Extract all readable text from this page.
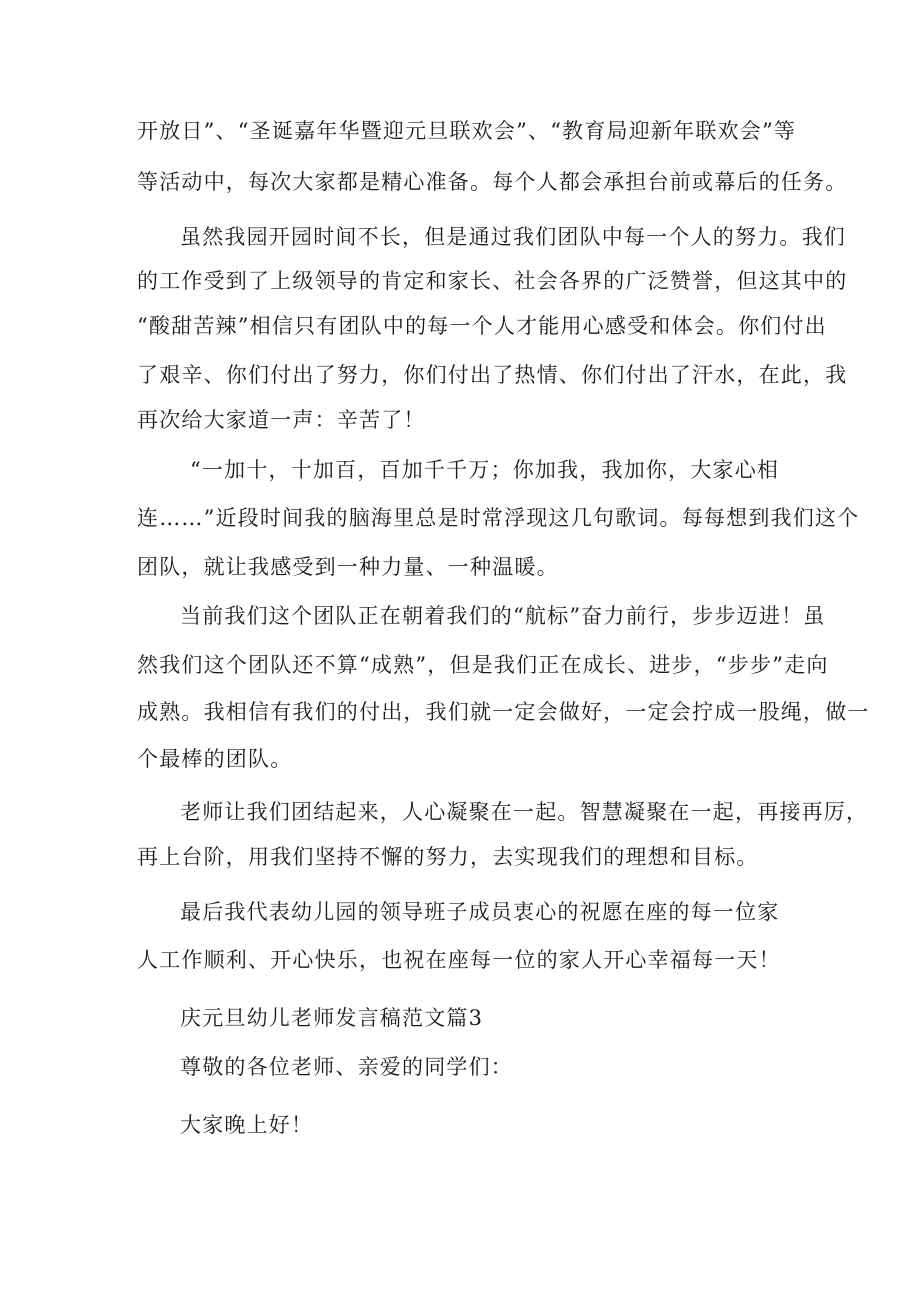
开放日”、“圣诞嘉年华暨迎元旦联欢会”、“教育局迎新年联欢会”等
等活动中，每次大家都是精心准备。每个人都会承担台前或幕后的任务。
虽然我园开园时间不长，但是通过我们团队中每一个人的努力。我们
的工作受到了上级领导的肯定和家长、社会各界的广泛赞誉，但这其中的
“酸甜苦辣”相信只有团队中的每一个人才能用心感受和体会。你们付出
了艰辛、你们付出了努力，你们付出了热情、你们付出了汗水，在此，我
再次给大家道一声：辛苦了！
“一加十，十加百，百加千千万；你加我，我加你，大家心相
连……”近段时间我的脑海里总是时常浮现这几句歌词。每每想到我们这个
团队，就让我感受到一种力量、一种温暖。
当前我们这个团队正在朝着我们的“航标”奋力前行，步步迈进！虽
然我们这个团队还不算“成熟”，但是我们正在成长、进步，“步步”走向
成熟。我相信有我们的付出，我们就一定会做好，一定会拧成一股绳，做一
个最棒的团队。
老师让我们团结起来，人心凝聚在一起。智慧凝聚在一起，再接再厉，
再上台阶，用我们坚持不懈的努力，去实现我们的理想和目标。
最后我代表幼儿园的领导班子成员衷心的祝愿在座的每一位家
人工作顺利、开心快乐，也祝在座每一位的家人开心幸福每一天！
庆元旦幼儿老师发言稿范文篇3
尊敬的各位老师、亲爱的同学们：
大家晚上好！
